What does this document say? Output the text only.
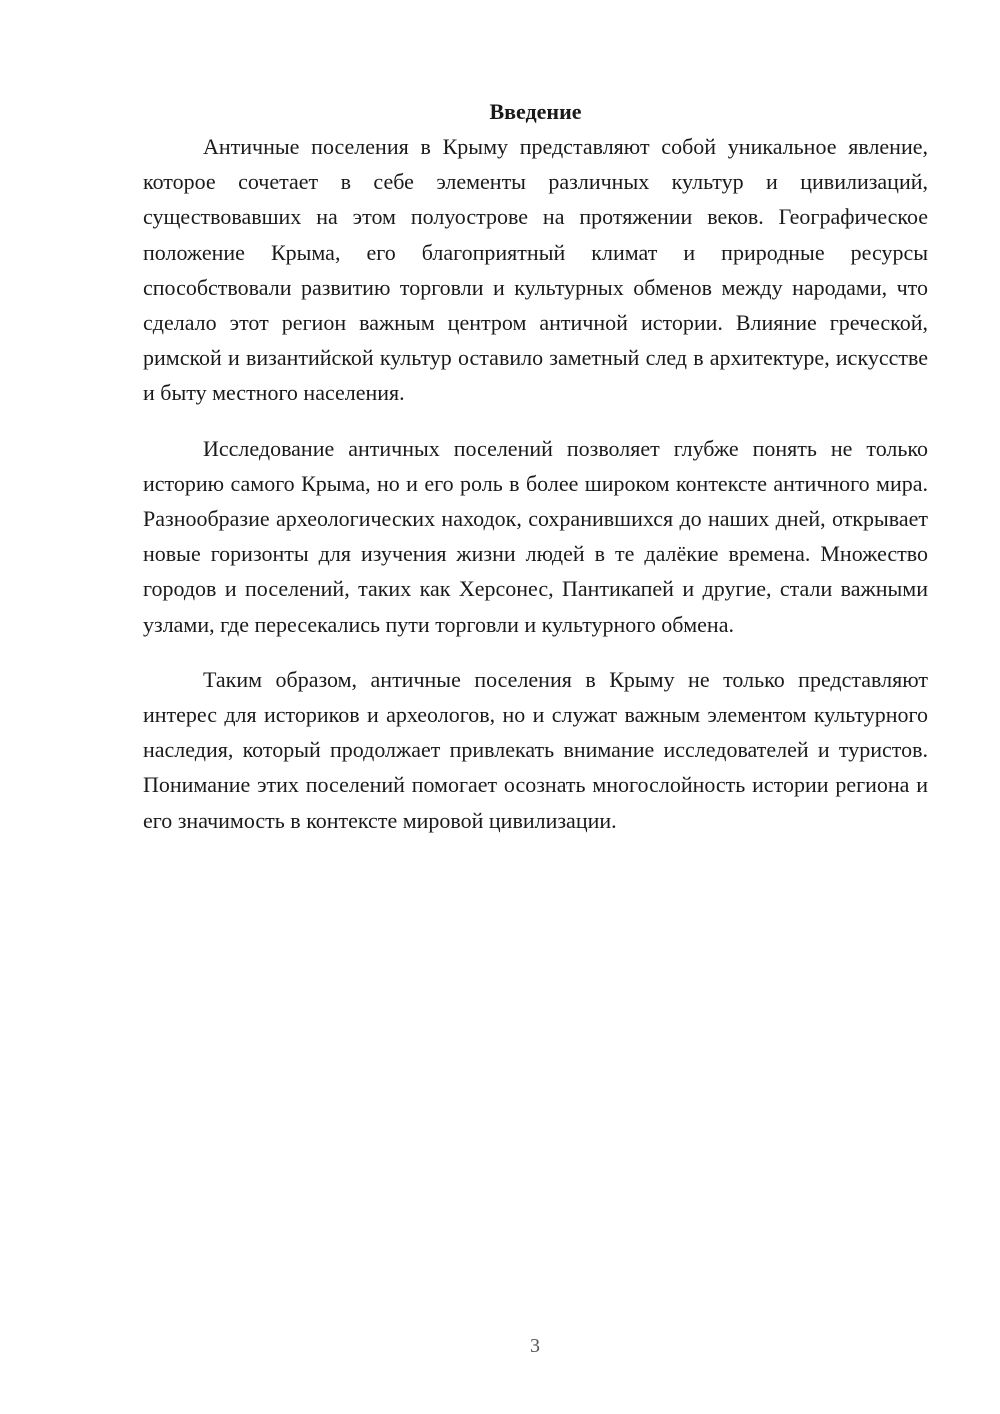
Введение

Античные поселения в Крыму представляют собой уникальное явление, которое сочетает в себе элементы различных культур и цивилизаций, существовавших на этом полуострове на протяжении веков. Географическое положение Крыма, его благоприятный климат и природные ресурсы способствовали развитию торговли и культурных обменов между народами, что сделало этот регион важным центром античной истории. Влияние греческой, римской и византийской культур оставило заметный след в архитектуре, искусстве и быту местного населения.

Исследование античных поселений позволяет глубже понять не только историю самого Крыма, но и его роль в более широком контексте античного мира. Разнообразие археологических находок, сохранившихся до наших дней, открывает новые горизонты для изучения жизни людей в те далёкие времена. Множество городов и поселений, таких как Херсонес, Пантикапей и другие, стали важными узлами, где пересекались пути торговли и культурного обмена.

Таким образом, античные поселения в Крыму не только представляют интерес для историков и археологов, но и служат важным элементом культурного наследия, который продолжает привлекать внимание исследователей и туристов. Понимание этих поселений помогает осознать многослойность истории региона и его значимость в контексте мировой цивилизации.

3
